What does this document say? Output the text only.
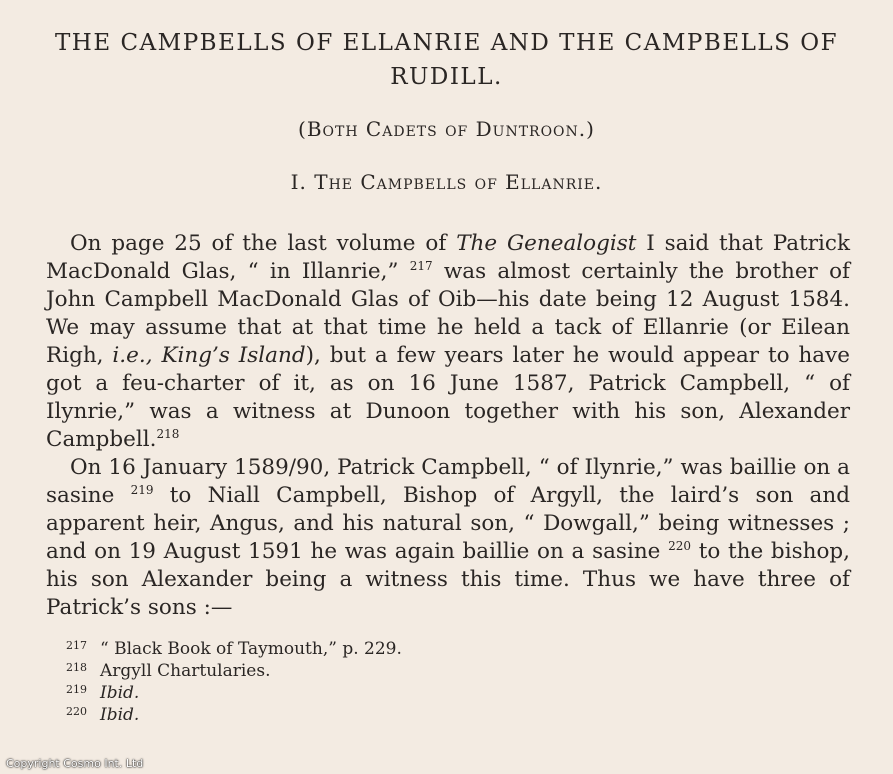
THE CAMPBELLS OF ELLANRIE AND THE CAMPBELLS OF RUDILL.
(Both Cadets of Duntroon.)
I. The Campbells of Ellanrie.

On page 25 of the last volume of The Genealogist I said that Patrick MacDonald Glas, “ in Illanrie,” $^{217}$ was almost certainly the brother of John Campbell MacDonald Glas of Oib—his date being 12 August 1584. We may assume that at that time he held a tack of Ellanrie (or Eilean Righ, i.e., King’s Island), but a few years later he would appear to have got a feu-charter of it, as on 16 June 1587, Patrick Campbell, “ of Ilynrie,” was a witness at Dunoon together with his son, Alexander Campbell.$^{218}$

On 16 January 1589/90, Patrick Campbell, “ of Ilynrie,” was baillie on a sasine $^{219}$ to Niall Campbell, Bishop of Argyll, the laird’s son and apparent heir, Angus, and his natural son, “ Dowgall,” being witnesses ; and on 19 August 1591 he was again baillie on a sasine $^{220}$ to the bishop, his son Alexander being a witness this time. Thus we have three of Patrick’s sons :—

217 “ Black Book of Taymouth,” p. 229.
218 Argyll Chartularies.
219 Ibid.
220 Ibid.
Copyright Cosmo Int. Ltd
